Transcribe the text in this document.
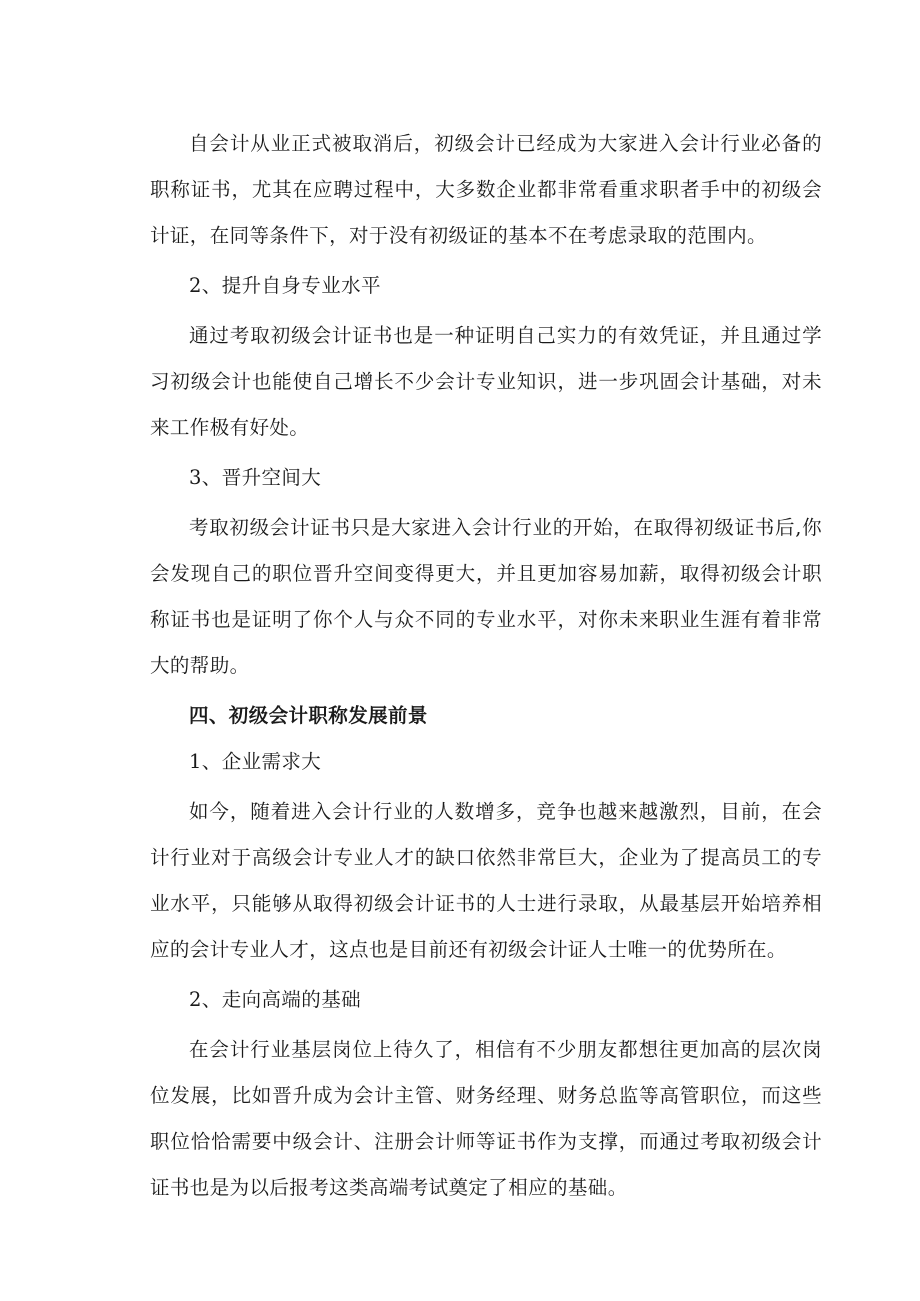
自会计从业正式被取消后，初级会计已经成为大家进入会计行业必备的职称证书，尤其在应聘过程中，大多数企业都非常看重求职者手中的初级会计证，在同等条件下，对于没有初级证的基本不在考虑录取的范围内。

2、提升自身专业水平

通过考取初级会计证书也是一种证明自己实力的有效凭证，并且通过学习初级会计也能使自己增长不少会计专业知识，进一步巩固会计基础，对未来工作极有好处。

3、晋升空间大

考取初级会计证书只是大家进入会计行业的开始，在取得初级证书后,你会发现自己的职位晋升空间变得更大，并且更加容易加薪，取得初级会计职称证书也是证明了你个人与众不同的专业水平，对你未来职业生涯有着非常大的帮助。

四、初级会计职称发展前景

1、企业需求大

如今，随着进入会计行业的人数增多，竞争也越来越激烈，目前，在会计行业对于高级会计专业人才的缺口依然非常巨大，企业为了提高员工的专业水平，只能够从取得初级会计证书的人士进行录取，从最基层开始培养相应的会计专业人才，这点也是目前还有初级会计证人士唯一的优势所在。

2、走向高端的基础

在会计行业基层岗位上待久了，相信有不少朋友都想往更加高的层次岗位发展，比如晋升成为会计主管、财务经理、财务总监等高管职位，而这些职位恰恰需要中级会计、注册会计师等证书作为支撑，而通过考取初级会计证书也是为以后报考这类高端考试奠定了相应的基础。
